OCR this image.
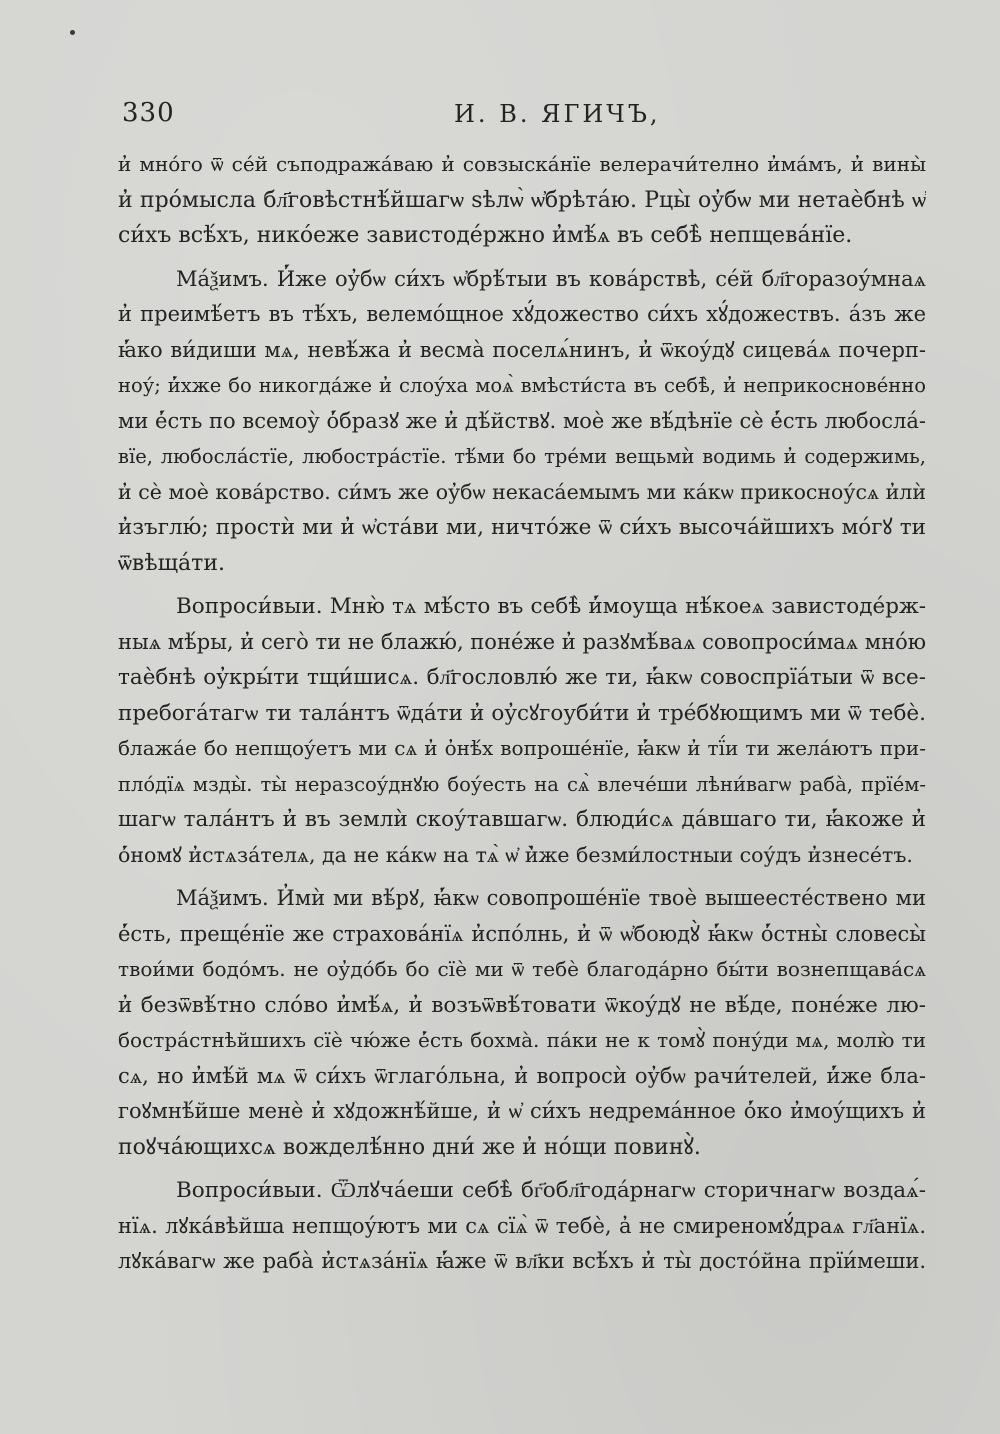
330	И. В. ЯГИЧЪ,
и̓ мно́го ѿ се́й съподража́ваю и̓ совзыска́нїе велерачи́телно и̓ма́мъ, и̓ вины̀
и̓ про́мысла бл҃говѣстнѣ́йшагѡ ѕѣлѡ̀ ѡ̓брѣта́ю. Рцы̀ оу̓бѡ ми нетаѐбнѣ ѡ̓
си́хъ всѣ́хъ, никóеже завистоде́ржно и̓мѣ́ѧ въ себѣ̀ непщева́нїе.
Ма́ѯимъ. И̓́же оу̓бѡ си́хъ ѡ̓брѣ́тыи въ кова́рствѣ, се́й бл҃горазоу́мнаѧ
и̓ преимѣ́етъ въ тѣ́хъ, велемо́щное хꙋ́дожество си́хъ хꙋ́дожествъ. а́зъ же
ꙗ̓́ко ви́диши мѧ, невѣ́жа и̓ весма̀ поселѧ́нинъ, и̓ ѿкоу́дꙋ сицева́ѧ почерп-
ноу́; и̓́хже бо никогда́же и̓ слоу́ха моѧ̀ вмѣсти́ста въ себѣ̀, и̓ неприкоснове́нно
ми е̓́сть по всемоу̀ о̓́бразꙋ же и̓ дѣ́йствꙋ. моѐ же вѣ́дѣнїе сѐ е̓́сть любосла́-
вїе, любосла́стїе, любостра́стїе. тѣ́ми бо тре́ми вещьмѝ водимь и̓ содержимь,
и̓ сѐ моѐ кова́рство. си́мъ же оу̓бѡ некаса́емымъ ми ка́кѡ прикосноу́сѧ и̓лѝ
и̓зъглю́; простѝ ми и̓ ѡ̓ста́ви ми, ничто́же ѿ си́хъ высоча́йшихъ мо́гꙋ ти
ѿвѣща́ти.
Вопроси́выи. Мню̀ тѧ мѣ́сто въ себѣ̀ и̓́моуща нѣ́коеѧ завистоде́рж-
ныѧ мѣ́ры, и̓ сего̀ ти не блажю́, поне́же и̓ разꙋмѣ́ваѧ совопроси́маѧ мно́ю
таѐбнѣ оу̓кры́ти тщи́шисѧ. бл҃гословлю́ же ти, ꙗ̓́кѡ совоспрїа́тыи ѿ все-
пребога́тагѡ ти тала́нтъ ѿда́ти и̓ оу̓сꙋгоуби́ти и̓ тре́бꙋющимъ ми ѿ тебѐ.
блажа́е бо непщоу́етъ ми сѧ и̓ о̓нѣ́х вопроше́нїе, ꙗ̓́кѡ и̓ тї́и ти жела́ютъ при-
пло́дїѧ мзды̀. ты̀ неразсоу́днꙋю боу́есть на сѧ̀ влече́ши лѣни́вагѡ раба̀, прїе́м-
шагѡ тала́нтъ и̓ въ землѝ скоу́тавшагѡ. блюди́сѧ да́вшаго ти, ꙗ̓́коже и̓
о̓́номꙋ и̓стѧза́телѧ, да не ка́кѡ на тѧ̀ ѡ̓ и̓̀же безми́лостныи соу́дъ и̓знесе́тъ.
Ма́ѯимъ. И̓мѝ ми вѣ́рꙋ, ꙗ̓́кѡ совопроше́нїе твоѐ вышеесте́ствено ми
е̓́сть, преще́нїе же страхова́нїѧ и̓спо́лнь, и̓ ѿ ѡ̓боюдꙋ̀ ꙗ̓́кѡ о̓́стны̀ словесы̀
твои́ми бодо́мъ. не оу̓до́бь бо сїѐ ми ѿ тебѐ благода́рно бы́ти вознепщава́сѧ
и̓ безѿвѣ́тно сло́во и̓мѣ́ѧ, и̓ возъѿвѣ́товати ѿкоу́дꙋ не вѣ́де, поне́же лю-
бостра́стнѣйшихъ сїѐ чю́же е̓́сть бохма̀. па́ки не к томꙋ̀ пону́ди мѧ, молю̀ ти
сѧ, но и̓мѣ́й мѧ ѿ си́хъ ѿглаго́льна, и̓ вопросѝ оу̓бѡ рачи́телей, и̓́же бла-
гоꙋмнѣ́йше менѐ и̓ хꙋдожнѣ́йше, и̓ ѡ̓ си́хъ недрема́нное о̓́ко и̓моу́щихъ и̓
поꙋча́ющихсѧ вожделѣ́нно дни́ же и̓ но́щи повинꙋ̀.
Вопроси́выи. Ѿлꙋча́еши себѣ̀ бг҃обл҃года́рнагѡ сторичнагѡ воздаѧ́-
нїѧ. лꙋка́вѣйша непщоу́ютъ ми сѧ сїѧ̀ ѿ тебѐ, а̓ не смиреномꙋ́драѧ гл҃анїѧ.
лꙋка́вагѡ же раба̀ и̓стѧза́нїѧ ꙗ̓́же ѿ вл҃ки всѣ́хъ и̓ ты̀ досто́йна прїи́меши.
